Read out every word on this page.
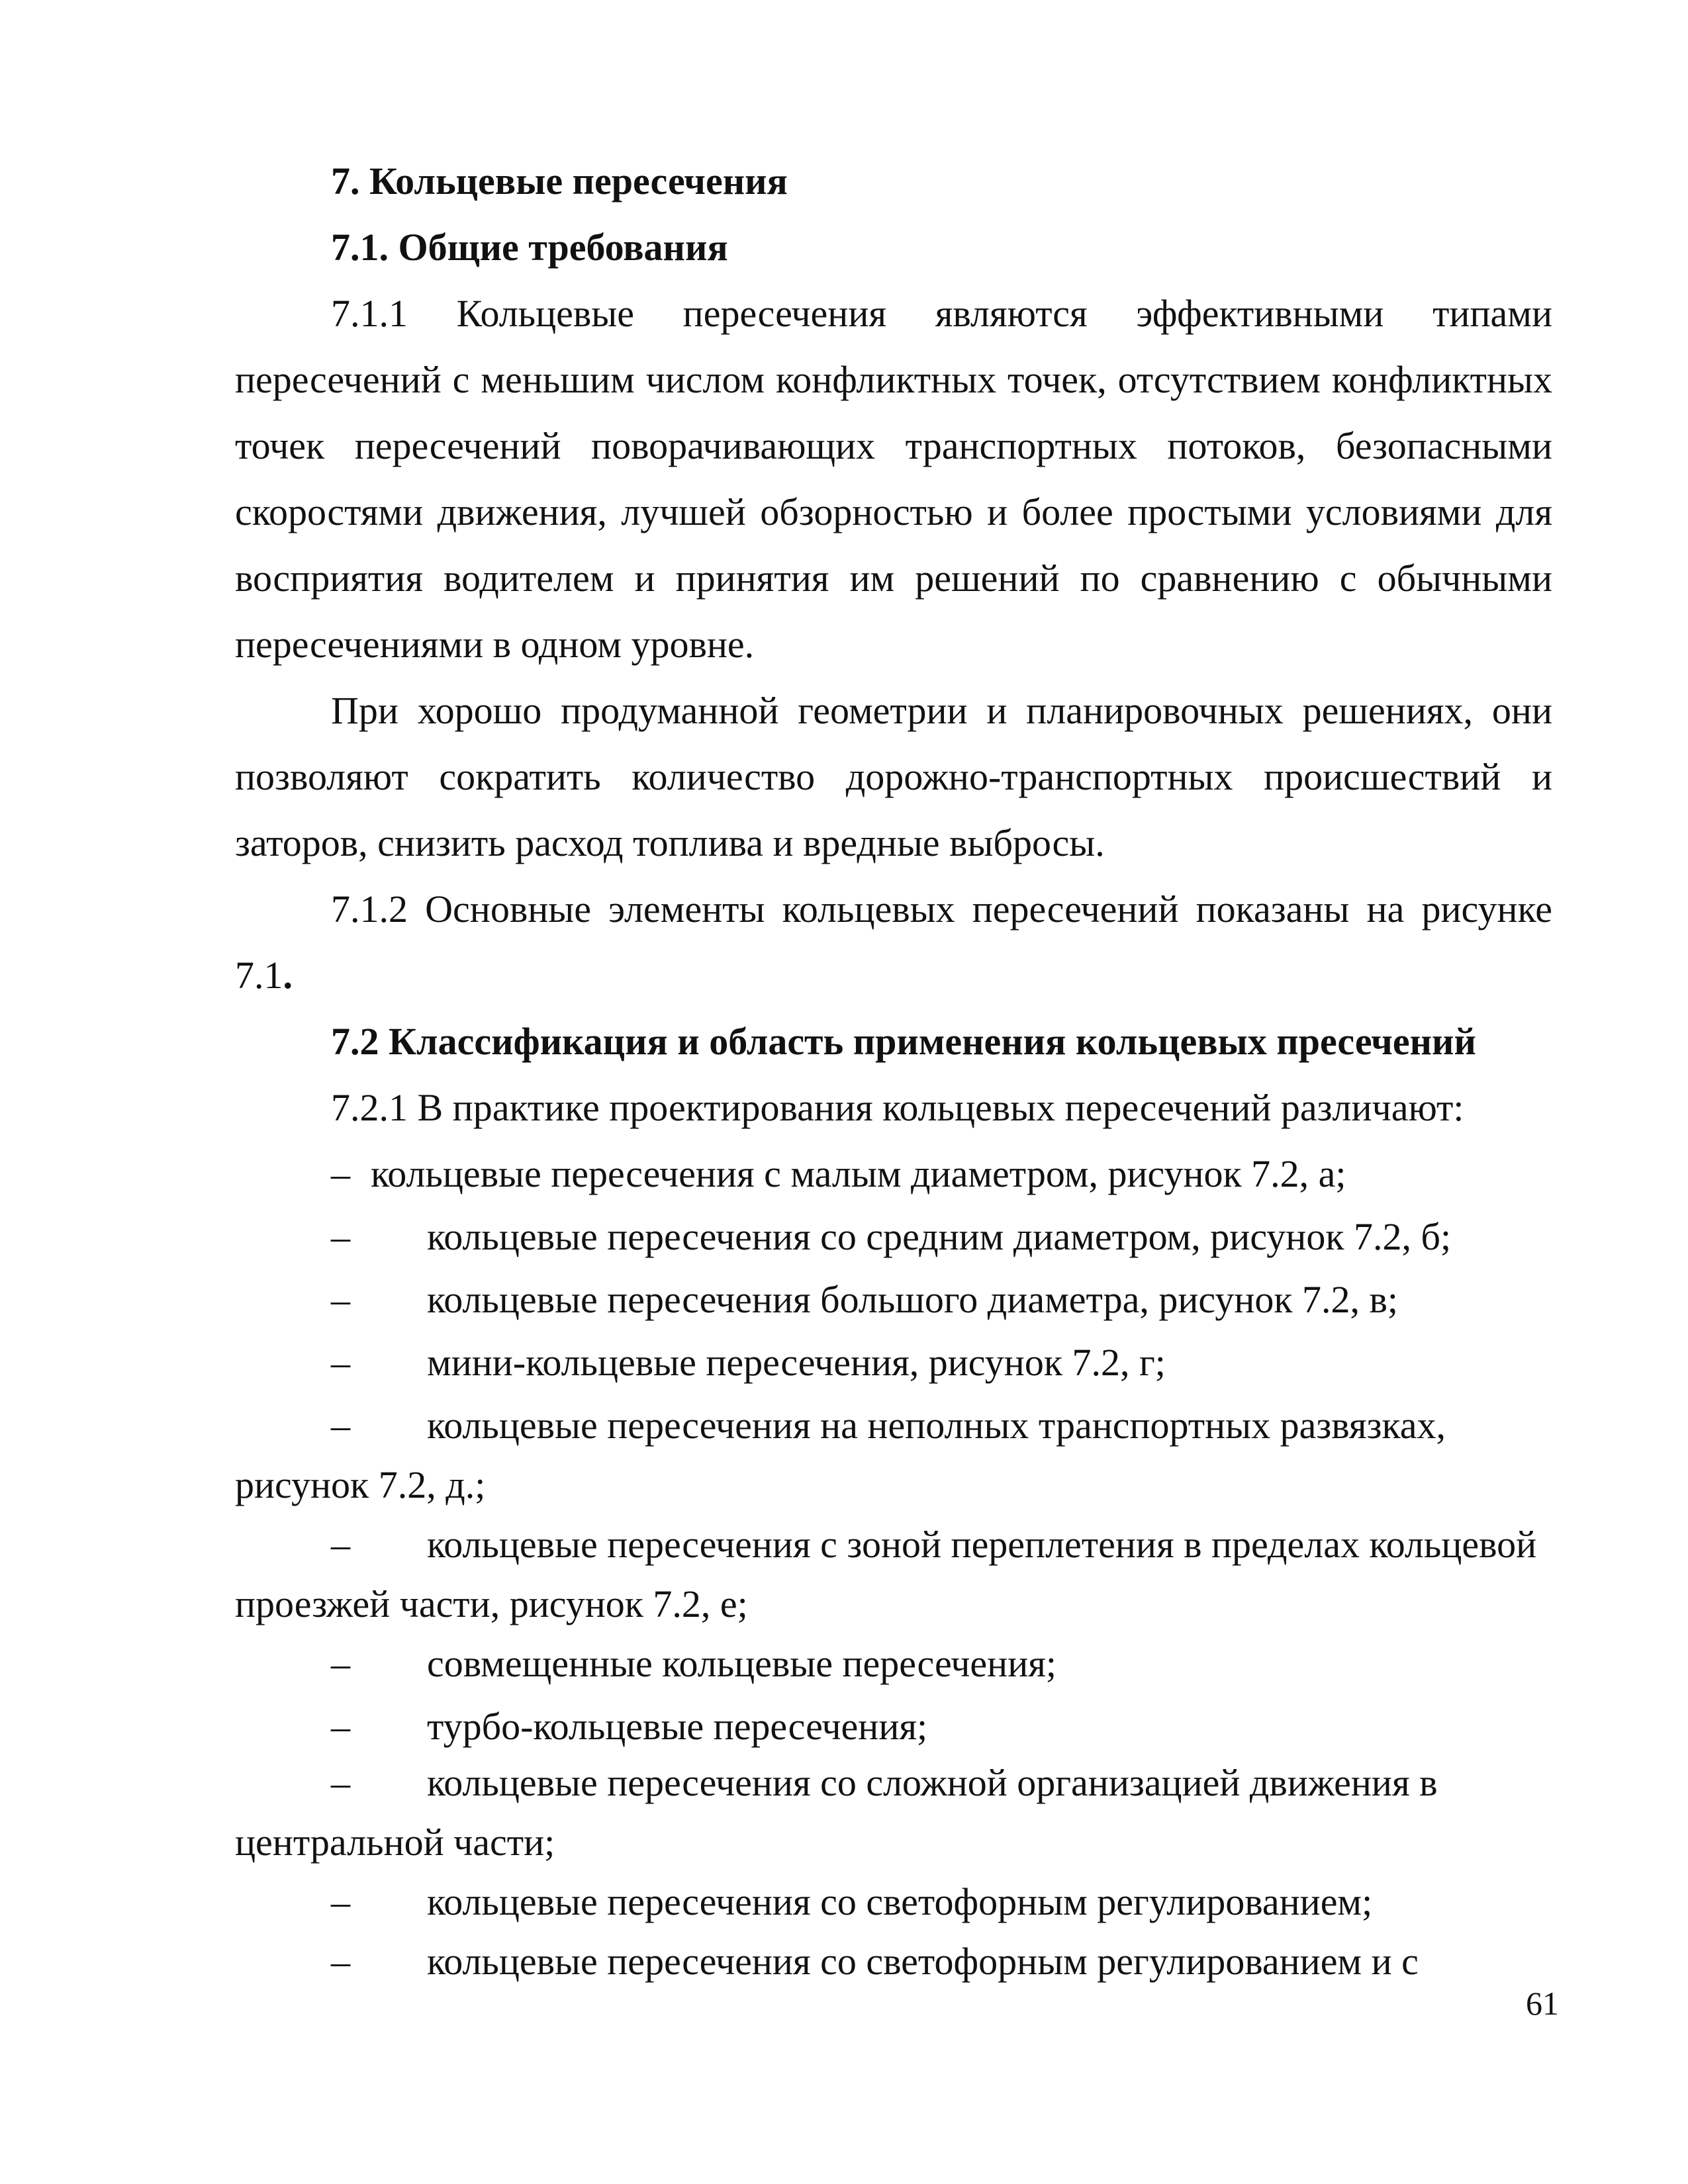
7. Кольцевые пересечения
7.1. Общие требования
7.1.1 Кольцевые пересечения являются эффективными типами
пересечений с меньшим числом конфликтных точек, отсутствием конфликтных
точек пересечений поворачивающих транспортных потоков, безопасными
скоростями движения, лучшей обзорностью и более простыми условиями для
восприятия водителем и принятия им решений по сравнению с обычными
пересечениями в одном уровне.
При хорошо продуманной геометрии и планировочных решениях, они
позволяют сократить количество дорожно-транспортных происшествий и
заторов, снизить расход топлива и вредные выбросы.
7.1.2 Основные элементы кольцевых пересечений показаны на рисунке
7.1.
7.2 Классификация и область применения кольцевых пресечений
7.2.1 В практике проектирования кольцевых пересечений различают:
– кольцевые пересечения с малым диаметром, рисунок 7.2, а;
– кольцевые пересечения со средним диаметром, рисунок 7.2, б;
– кольцевые пересечения большого диаметра, рисунок 7.2, в;
– мини-кольцевые пересечения, рисунок 7.2, г;
– кольцевые пересечения на неполных транспортных развязках,
рисунок 7.2, д.;
– кольцевые пересечения с зоной переплетения в пределах кольцевой
проезжей части, рисунок 7.2, е;
– совмещенные кольцевые пересечения;
– турбо-кольцевые пересечения;
– кольцевые пересечения со сложной организацией движения в
центральной части;
– кольцевые пересечения со светофорным регулированием;
– кольцевые пересечения со светофорным регулированием и с
61
